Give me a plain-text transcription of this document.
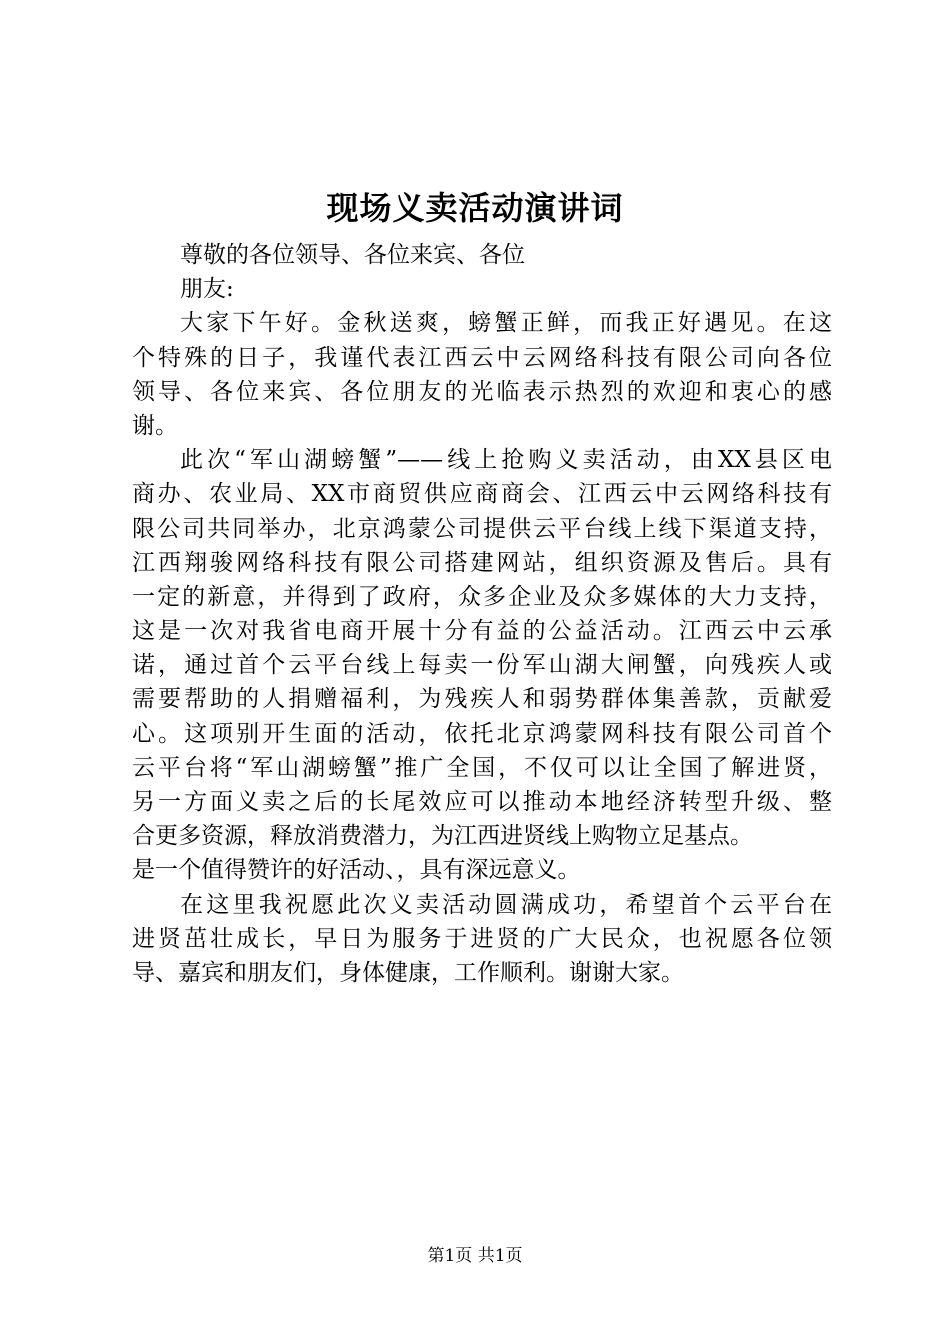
现场义卖活动演讲词
尊敬的各位领导、各位来宾、各位
朋友:
大家下午好。金秋送爽，螃蟹正鲜，而我正好遇见。在这
个特殊的日子，我谨代表江西云中云网络科技有限公司向各位
领导、各位来宾、各位朋友的光临表示热烈的欢迎和衷心的感
谢。
此次“军山湖螃蟹”——线上抢购义卖活动，由XX县区电
商办、农业局、XX市商贸供应商商会、江西云中云网络科技有
限公司共同举办，北京鸿蒙公司提供云平台线上线下渠道支持，
江西翔骏网络科技有限公司搭建网站，组织资源及售后。具有
一定的新意，并得到了政府，众多企业及众多媒体的大力支持，
这是一次对我省电商开展十分有益的公益活动。江西云中云承
诺，通过首个云平台线上每卖一份军山湖大闸蟹，向残疾人或
需要帮助的人捐赠福利，为残疾人和弱势群体集善款，贡献爱
心。这项别开生面的活动，依托北京鸿蒙网科技有限公司首个
云平台将“军山湖螃蟹”推广全国，不仅可以让全国了解进贤，
另一方面义卖之后的长尾效应可以推动本地经济转型升级、整
合更多资源，释放消费潜力，为江西进贤线上购物立足基点。
是一个值得赞许的好活动、，具有深远意义。
在这里我祝愿此次义卖活动圆满成功，希望首个云平台在
进贤茁壮成长，早日为服务于进贤的广大民众，也祝愿各位领
导、嘉宾和朋友们，身体健康，工作顺利。谢谢大家。
第1页 共1页
